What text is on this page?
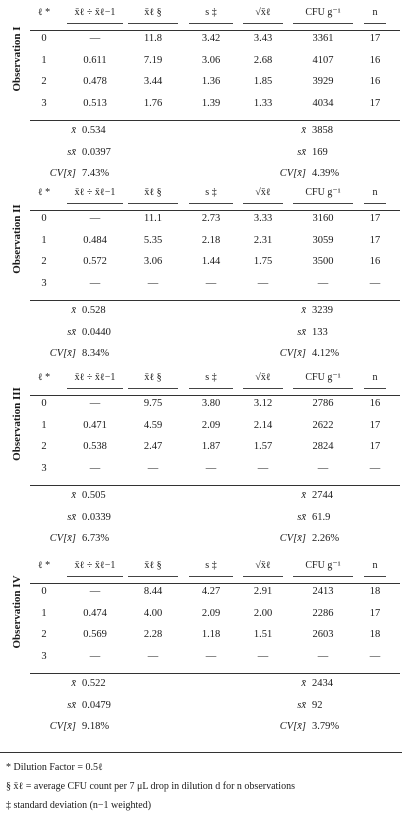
Observation I
ℓ *	x̄ℓ ÷ x̄ℓ−1	x̄ℓ §	s ‡	√x̄ℓ	CFU g⁻¹	n
0	—	11.8	3.42	3.43	3361	17
1	0.611	7.19	3.06	2.68	4107	16
2	0.478	3.44	1.36	1.85	3929	16
3	0.513	1.76	1.39	1.33	4034	17
x̄ 0.534	x̄ 3858
sx̄ 0.0397	sx̄ 169
CV[x̄] 7.43%	CV[x̄] 4.39%
Observation II
ℓ *	x̄ℓ ÷ x̄ℓ−1	x̄ℓ §	s ‡	√x̄ℓ	CFU g⁻¹	n
0	—	11.1	2.73	3.33	3160	17
1	0.484	5.35	2.18	2.31	3059	17
2	0.572	3.06	1.44	1.75	3500	16
3	—	—	—	—	—	—
x̄ 0.528	x̄ 3239
sx̄ 0.0440	sx̄ 133
CV[x̄] 8.34%	CV[x̄] 4.12%
Observation III
ℓ *	x̄ℓ ÷ x̄ℓ−1	x̄ℓ §	s ‡	√x̄ℓ	CFU g⁻¹	n
0	—	9.75	3.80	3.12	2786	16
1	0.471	4.59	2.09	2.14	2622	17
2	0.538	2.47	1.87	1.57	2824	17
3	—	—	—	—	—	—
x̄ 0.505	x̄ 2744
sx̄ 0.0339	sx̄ 61.9
CV[x̄] 6.73%	CV[x̄] 2.26%
Observation IV
ℓ *	x̄ℓ ÷ x̄ℓ−1	x̄ℓ §	s ‡	√x̄ℓ	CFU g⁻¹	n
0	—	8.44	4.27	2.91	2413	18
1	0.474	4.00	2.09	2.00	2286	17
2	0.569	2.28	1.18	1.51	2603	18
3	—	—	—	—	—	—
x̄ 0.522	x̄ 2434
sx̄ 0.0479	sx̄ 92
CV[x̄] 9.18%	CV[x̄] 3.79%
* Dilution Factor = 0.5ℓ
§ x̄ℓ = average CFU count per 7 μL drop in dilution d for n observations
‡ standard deviation (n−1 weighted)
